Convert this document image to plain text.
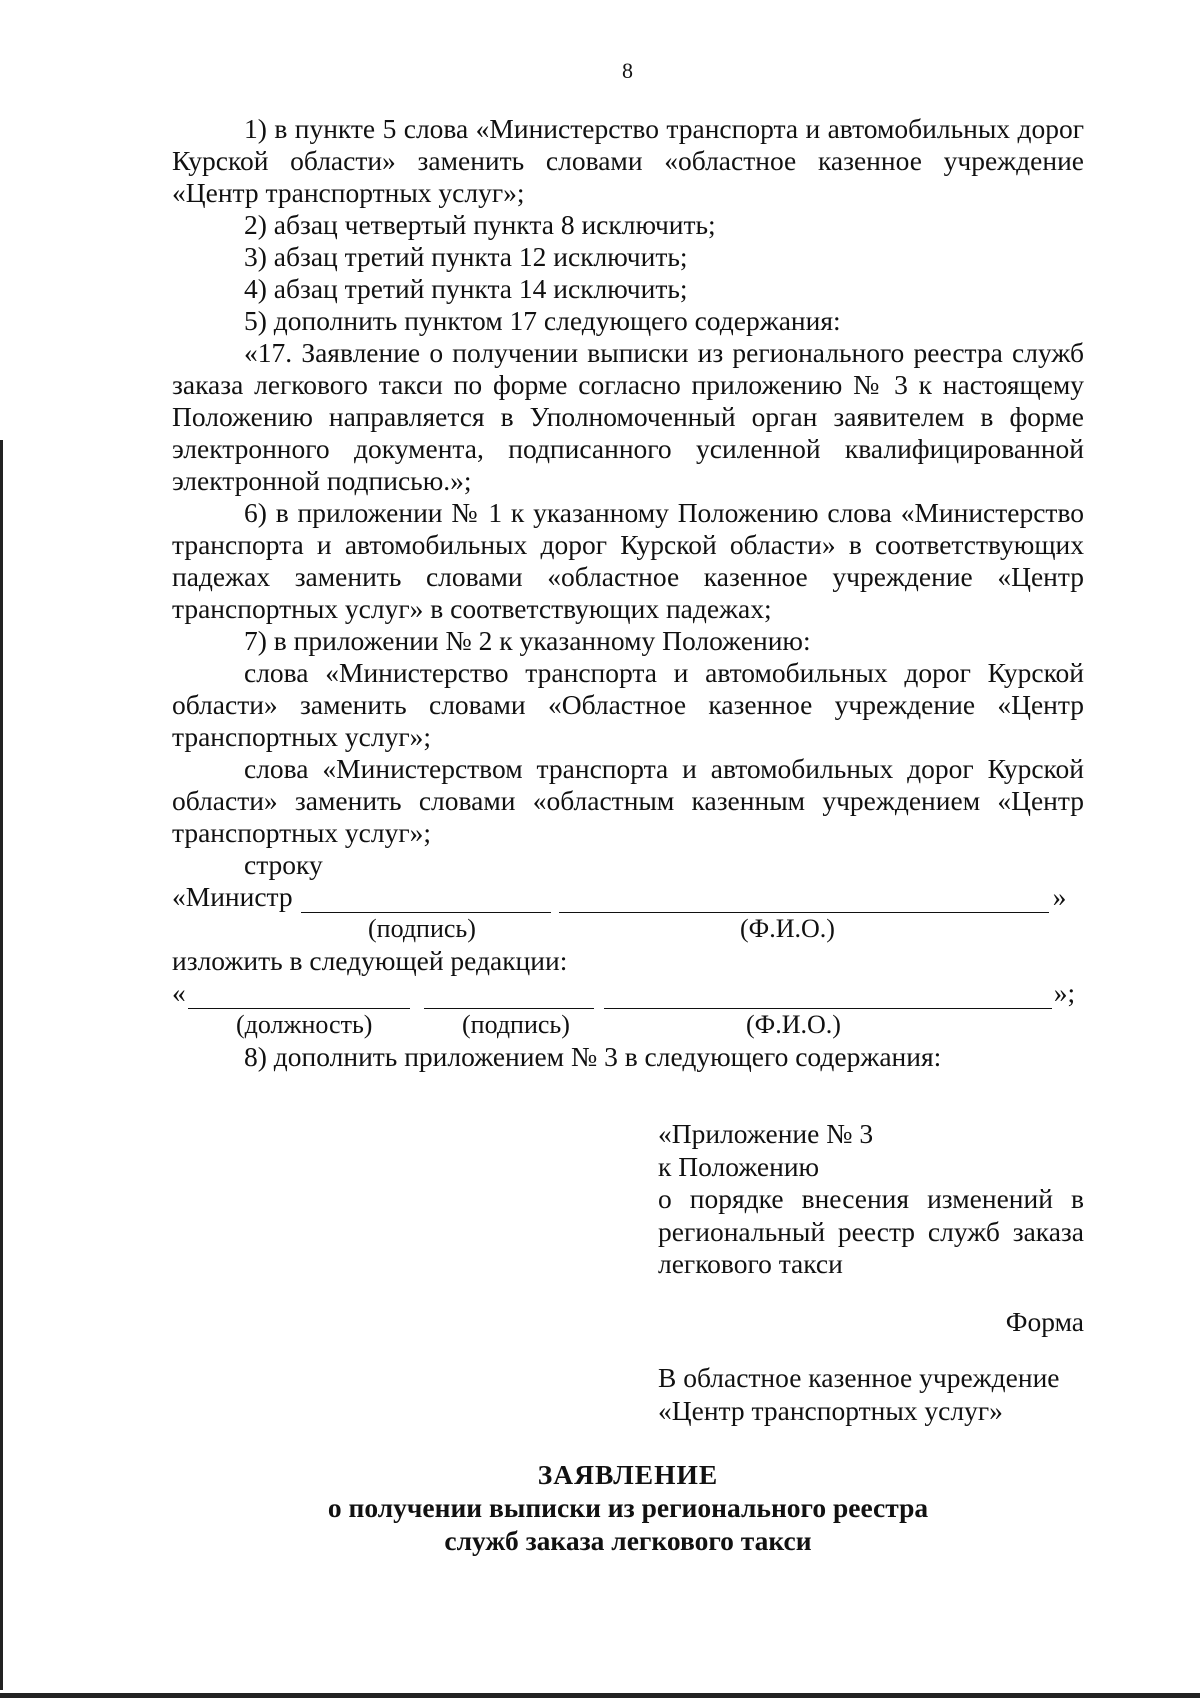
8

1) в пункте 5 слова «Министерство транспорта и автомобильных дорог Курской области» заменить словами «областное казенное учреждение «Центр транспортных услуг»;

2) абзац четвертый пункта 8 исключить;

3) абзац третий пункта 12 исключить;

4) абзац третий пункта 14 исключить;

5) дополнить пунктом 17 следующего содержания:

«17. Заявление о получении выписки из регионального реестра служб заказа легкового такси по форме согласно приложению № 3 к настоящему Положению направляется в Уполномоченный орган заявителем в форме электронного документа, подписанного усиленной квалифицированной электронной подписью.»;

6) в приложении № 1 к указанному Положению слова «Министерство транспорта и автомобильных дорог Курской области» в соответствующих падежах заменить словами «областное казенное учреждение «Центр транспортных услуг» в соответствующих падежах;

7) в приложении № 2 к указанному Положению:

слова «Министерство транспорта и автомобильных дорог Курской области» заменить словами «Областное казенное учреждение «Центр транспортных услуг»;

слова «Министерством транспорта и автомобильных дорог Курской области» заменить словами «областным казенным учреждением «Центр транспортных услуг»;

строку

«Министр	»
(подпись)	(Ф.И.О.)

изложить в следующей редакции:

«	»;
(должность)	(подпись)	(Ф.И.О.)

8) дополнить приложением № 3 в следующего содержания:

«Приложение № 3
к Положению
о порядке внесения изменений в региональный реестр служб заказа легкового такси
Форма
В областное казенное учреждение
«Центр транспортных услуг»
ЗАЯВЛЕНИЕ
о получении выписки из регионального реестра
служб заказа легкового такси
